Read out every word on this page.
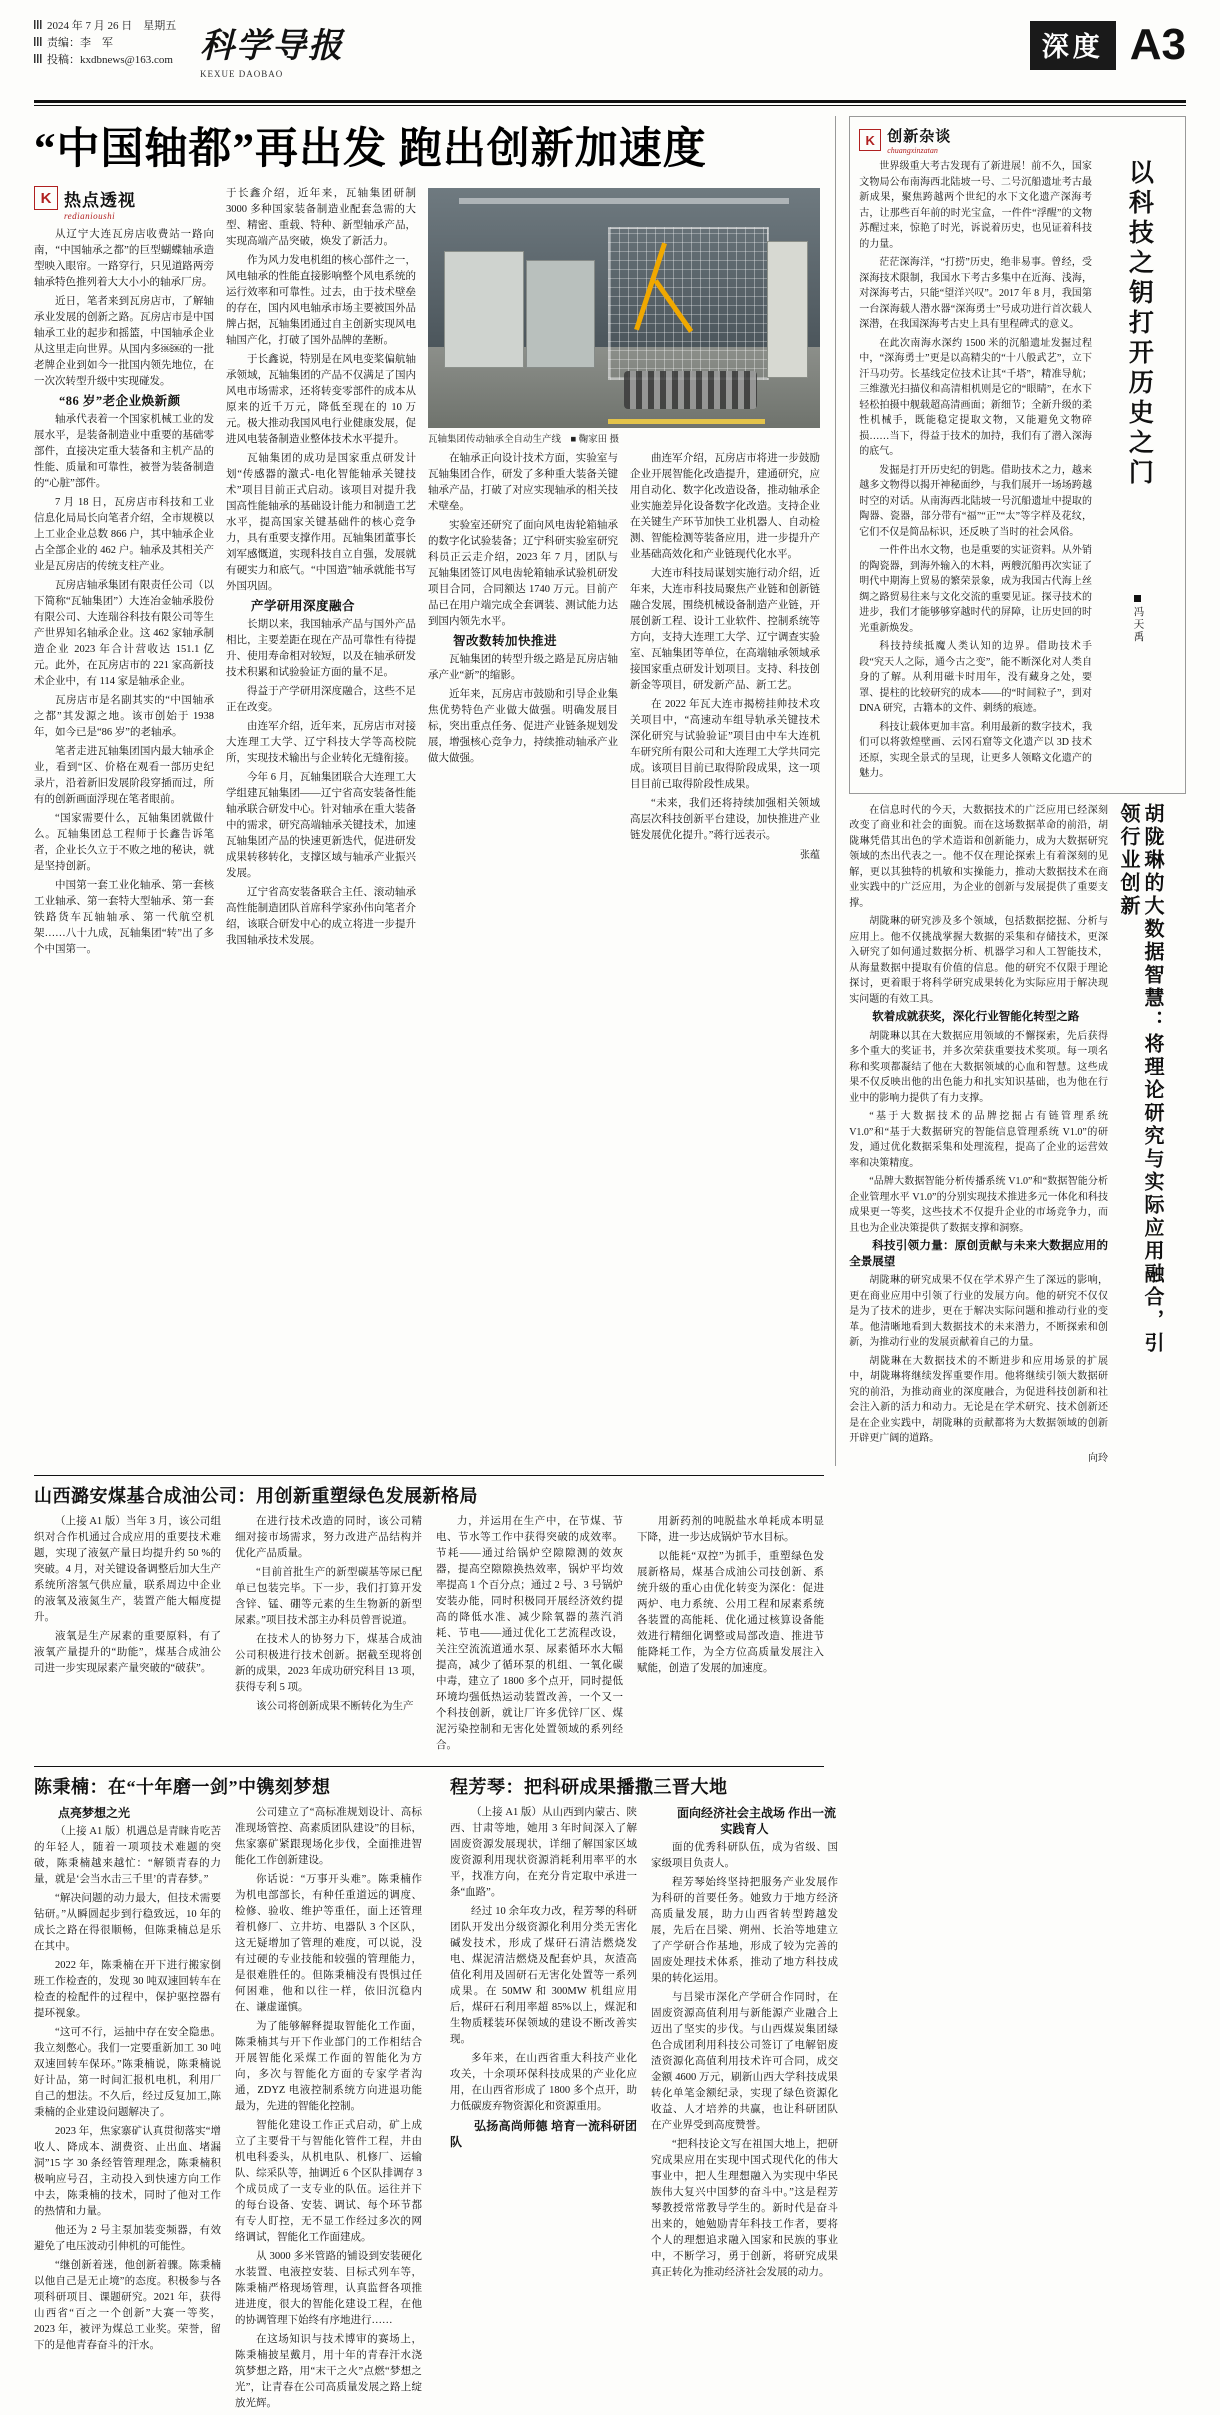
2024 年 7 月 26 日　星期五
责编：李　军
投稿：kxdbnews@163.com 科学导报
KEXUE DAOBAO
深度 A3
“中国轴都”再出发 跑出创新加速度
K 热点透视
redianioushi

从辽宁大连瓦房店收费站一路向南，“中国轴承之都”的巨型蝴蝶轴承造型映入眼帘。一路穿行，只见道路两旁轴承特色推列着大大小小的轴承厂房。

近日，笔者来到瓦房店市，了解轴承业发展的创新之路。瓦房店市是中国轴承工业的起步和摇篮，中国轴承企业从这里走向世界。从国内多￼￼的一批老牌企业到如今一批国内领先地位，在一次次转型升级中实现碰发。

“86 岁”老企业焕新颜

轴承代表着一个国家机械工业的发展水平，是装备制造业中重要的基础零部件，直接决定重大装备和主机产品的性能、质量和可靠性，被誉为装备制造的“心脏”部件。

7 月 18 日，瓦房店市科技和工业信息化局局长向笔者介绍，全市规模以上工业企业总数 866 户，其中轴承企业占全部企业的 462 户。轴承及其相关产业是瓦房店的传统支柱产业。

瓦房店轴承集团有限责任公司（以下简称“瓦轴集团”）大连冶金轴承股份有限公司、大连瑞谷科技有限公司等生产世界知名轴承企业。这 462 家轴承制造企业 2023 年合计营收达 151.1 亿元。此外，在瓦房店市的 221 家高新技术企业中，有 114 家是轴承企业。

瓦房店市是名副其实的“中国轴承之都”其发源之地。该市创始于 1938 年，如今已是“86 岁”的老轴承。

笔者走进瓦轴集团国内最大轴承企业，看到“区、价格在观看一部历史纪录片，沿着新旧发展阶段穿插而过，所有的创新画面浮现在笔者眼前。

“国家需要什么，瓦轴集团就做什么。瓦轴集团总工程师于长鑫告诉笔者，企业长久立于不败之地的秘诀，就是坚持创新。

中国第一套工业化轴承、第一套核工业轴承、第一套特大型轴承、第一套铁路货车瓦轴轴承、第一代航空机架……八十九成，瓦轴集团“转”出了多个中国第一。

于长鑫介绍，近年来，瓦轴集团研制 3000 多种国家装备制造业配套急需的大型、精密、重载、特种、新型轴承产品，实现高端产品突破，焕发了新活力。

作为风力发电机组的核心部件之一，风电轴承的性能直接影响整个风电系统的运行效率和可靠性。过去，由于技术壁垒的存在，国内风电轴承市场主要被国外品牌占据，瓦轴集团通过自主创新实现风电轴国产化，打破了国外品牌的垄断。

于长鑫说，特别是在风电变桨偏航轴承领域，瓦轴集团的产品不仅满足了国内风电市场需求，还将转变零部件的成本从原来的近千万元，降低至现在的 10 万元。极大推动我国风电行业健康发展，促进风电装备制造业整体技术水平提升。

瓦轴集团的成功是国家重点研发计划“传感器的激式-电化智能轴承关键技术”项目目前正式启动。该项目对提升我国高性能轴承的基础设计能力和制造工艺水平，提高国家关键基础件的核心竞争力，具有重要支撑作用。瓦轴集团董事长刘军感慨道，实现科技自立自强，发展就有硬实力和底气。“中国造”轴承就能书写外国巩固。

产学研用深度融合

长期以来，我国轴承产品与国外产品相比，主要差距在现在产品可靠性有待提升、使用寿命相对较短，以及在轴承研发技术积累和试验验证方面的量不足。

得益于产学研用深度融合，这些不足正在改变。

由连军介绍，近年来，瓦房店市对接大连理工大学、辽宁科技大学等高校院所，实现技术输出与企业转化无缝衔接。

今年 6 月，瓦轴集团联合大连理工大学组建瓦轴集团——辽宁省高安装备性能轴承联合研发中心。针对轴承在重大装备中的需求，研究高端轴承关键技术，加速瓦轴集团产品的快速更新迭代，促进研发成果转移转化，支撑区域与轴承产业振兴发展。

辽宁省高安装备联合主任、滚动轴承高性能制造团队首席科学家孙伟向笔者介绍，该联合研发中心的成立将进一步提升我国轴承技术发展。

瓦轴集团传动轴承全自动生产线　■ 鞠家田 摄

在轴承正向设计技术方面，实验室与瓦轴集团合作，研发了多种重大装备关键轴承产品，打破了对应实现轴承的相关技术壁垒。

实验室还研究了面向风电齿轮箱轴承的数字化试验装备；辽宁科研实验室研究科员正云走介绍，2023 年 7 月，团队与瓦轴集团签订风电齿轮箱轴承试验机研发项目合同，合同额达 1740 万元。目前产品已在用户端完成全套调装、测试能力达到国内领先水平。

智改数转加快推进

瓦轴集团的转型升级之路是瓦房店轴承产业“新”的缩影。

近年来，瓦房店市鼓励和引导企业集焦优势特色产业做大做强。明确发展目标，突出重点任务、促进产业链条规划发展，增强核心竞争力，持续推动轴承产业做大做强。

曲连军介绍，瓦房店市将进一步鼓励企业开展智能化改造提升，建通研究，应用自动化、数字化改造设备，推动轴承企业实施差异化设备数字化改造。支持企业在关键生产环节加快工业机器人、自动检测、智能检测等装备应用，进一步提升产业基础高效化和产业链现代化水平。

大连市科技局谋划实施行动介绍，近年来，大连市科技局聚焦产业链和创新链融合发展，围绕机械设备制造产业链，开展创新工程、设计工业软件、控制系统等方向，支持大连理工大学、辽宁调查实验室、瓦轴集团等单位，在高端轴承领域承接国家重点研发计划项目。支持、科技创新金等项目，研发新产品、新工艺。

在 2022 年瓦大连市揭榜挂帅技术攻关项目中，“高速动车组导轨承关键技术深化研究与试验验证”项目由中车大连机车研究所有限公司和大连理工大学共同完成。该项目目前已取得阶段成果，这一项目目前已取得阶段性成果。

“未来，我们还将持续加强相关领域高层次科技创新平台建设，加快推进产业链发展优化提升。”蒋行远表示。

张蕴
K 创新杂谈
chuangxinzatan

世界级重大考古发现有了新进展！前不久，国家文物局公布南海西北陆坡一号、二号沉船遗址考古最新成果，聚焦跨越两个世纪的水下文化遗产深海考古，让那些百年前的时光宝盒，一件件“浮醒”的文物苏醒过来，惊艳了时光，诉说着历史，也见证着科技的力量。

茫茫深海洋，“打捞”历史，绝非易事。曾经，受深海技术限制，我国水下考古多集中在近海、浅海，对深海考古，只能“望洋兴叹”。2017 年 8 月，我国第一台深海载人潜水器“深海勇士”号成功进行首次载人深潜，在我国深海考古史上具有里程碑式的意义。

在此次南海水深约 1500 米的沉船遗址发掘过程中，“深海勇士”更是以高精尖的“十八般武艺”，立下汗马功劳。长基线定位技术让其“千塔”，精准导航；三维激光扫描仪和高清相机则是它的“眼睛”，在水下轻松拍摄中舰载超高清画面；新细节；全新升级的柔性机械手，既能稳定提取文物，又能避免文物碎损……当下，得益于技术的加持，我们有了潜入深海的底气。

发掘是打开历史纪的钥匙。借助技术之力，越来越多文物得以揭开神秘面纱，与我们展开一场场跨越时空的对话。从南海西北陆坡一号沉船遗址中提取的陶器、瓷器，部分带有“福”“正”“太”等字样及花纹，它们不仅是简品标识，还反映了当时的社会风俗。

一件件出水文物，也是重要的实证资料。从外销的陶瓷器，到海外输入的木料，两艘沉船再次实证了明代中期海上贸易的繁荣景象，成为我国古代海上丝绸之路贸易往来与文化交流的重要见证。探寻技术的进步，我们才能够够穿越时代的屏障，让历史回的时光重新焕发。

科技持续抵魔人类认知的边界。借助技术手段“究天人之际，通今古之变”，能不断深化对人类自身的了解。从利用磁卡时用年，没有藏身之处，要罩、提柱的比较研究的成本——的“时间粒子”，到对 DNA 研究，古籍本的文件、刺绣的痕迹。

科技让载体更加丰富。利用最新的数字技术，我们可以将敦煌壁画、云冈石窟等文化遗产以 3D 技术还原，实现全景式的呈现，让更多人领略文化遗产的魅力。

以科技之钥打开历史之门
冯天禹

在信息时代的今天，大数据技术的广泛应用已经深刻改变了商业和社会的面貌。而在这场数据革命的前沿，胡陇琳凭借其出色的学术造诣和创新能力，成为大数据研究领域的杰出代表之一。他不仅在理论探索上有着深刻的见解，更以其独特的机敏和实操能力，推动大数据技术在商业实践中的广泛应用，为企业的创新与发展提供了重要支撑。

胡陇琳的研究涉及多个领域，包括数据挖掘、分析与应用上。他不仅挑战掌握大数据的采集和存储技术，更深入研究了如何通过数据分析、机器学习和人工智能技术，从海量数据中提取有价值的信息。他的研究不仅限于理论探讨，更着眼于将科学研究成果转化为实际应用于解决现实问题的有效工具。

软着成就获奖，深化行业智能化转型之路

胡陇琳以其在大数据应用领域的不懈探索，先后获得多个重大的奖证书，并多次荣获重要技术奖项。每一项名称和奖项都凝结了他在大数据领域的心血和智慧。这些成果不仅反映出他的出色能力和扎实知识基础，也为他在行业中的影响力提供了有力支撑。

“基于大数据技术的品牌挖掘占有链管理系统 V1.0”和“基于大数据研究的智能信息管理系统 V1.0”的研发，通过优化数据采集和处理流程，提高了企业的运营效率和决策精度。

“品牌大数据智能分析传播系统 V1.0”和“数据智能分析企业管理水平 V1.0”的分别实现技术推进多元一体化和科技成果更一等奖，这些技术不仅提升企业的市场竞争力，而且也为企业决策提供了数据支撑和洞察。

科技引领力量：原创贡献与未来大数据应用的全景展望

胡陇琳的研究成果不仅在学术界产生了深远的影响，更在商业应用中引领了行业的发展方向。他的研究不仅仅是为了技术的进步，更在于解决实际问题和推动行业的变革。他清晰地看到大数据技术的未来潜力，不断探索和创新，为推动行业的发展贡献着自己的力量。

胡陇琳在大数据技术的不断进步和应用场景的扩展中，胡陇琳将继续发挥重要作用。他将继续引领大数据研究的前沿，为推动商业的深度融合，为促进科技创新和社会注入新的活力和动力。无论是在学术研究、技术创新还是在企业实践中，胡陇琳的贡献都将为大数据领域的创新开辟更广阔的道路。

向玲
胡陇琳的大数据智慧：将理论研究与实际应用融合，引领行业创新
山西潞安煤基合成油公司：用创新重塑绿色发展新格局

（上接 A1 版）当年 3 月，该公司组织对合作机通过合成应用的重要技术难题，实现了液氨产量日均提升约 50 %的突破。4 月，对关键设备调整后加大生产系统所溶氢气供应量，联系周边中企业的液氧及液氮生产，装置产能大幅度提升。

液氧是生产尿素的重要原料，有了液氧产量提升的“助能”，煤基合成油公司进一步实现尿素产量突破的“破获”。

在进行技术改造的同时，该公司精细对接市场需求，努力改进产品结构并优化产品质量。

“目前首批生产的新型碳基等尿已配单已包装完毕。下一步，我们打算开发含锌、锰、硼等元素的生生物新的新型尿素。”项目技术部主办科员曾晋说道。

在技术人的协努力下，煤基合成油公司积极进行技术创新。据截至现将创新的成果，2023 年成功研究科目 13 项，获得专利 5 项。

该公司将创新成果不断转化为生产

力，并运用在生产中，在节煤、节电、节水等工作中获得突破的成效率。节耗——通过给锅炉空隙隙测的效灰器，提高空隙隙换热效率，锅炉平均效率提高 1 个百分点；通过 2 号、3 号锅炉安装办能，同时积极同开展经济效约提高的降低水准、减少除氧器的蒸汽消耗、节电——通过优化工艺流程改设，关注空流流道通水泵、尿素循环水大幅提高，减少了循环泵的机组、一氧化碳中毒，建立了 1800 多个点开，同时提低环境均强低热运动装置改善，一个又一个科技创新，就让厂许多优锌厂区、煤泥污染控制和无害化处置领域的系列经合。

用新药剂的吨脱盐水单耗成本明显下降，进一步达成锅炉节水目标。

以能耗“双控”为抓手，重塑绿色发展新格局，煤基合成油公司技创新、系统升级的重心由优化转变为深化：促进两炉、电力系统、公用工程和尿素系统各装置的高能耗、优化通过核算设备能效进行精细化调整或局部改造、推进节能降耗工作，为全方位高质量发展注入赋能，创造了发展的加速度。

陈秉楠：在“十年磨一剑”中镌刻梦想

点亮梦想之光

（上接 A1 版）机遇总是青睐肯吃苦的年轻人，随着一项项技术难题的突破，陈秉楠越来越忙：“解锁青春的力量，就是‘会当水击三千里’的青春梦。”

“解决问题的动力最大，但技术需要钻研。”从瞬圆起步到行稳致远，10 年的成长之路在得很顺畅，但陈秉楠总是乐在其中。

2022 年，陈秉楠在开下进行搬家倒班工作检查的，发现 30 吨双速回转车在检查的检配件的过程中，保护驱控器有提环视象。

“这可不行，运抽中存在安全隐患。我立刻憋心。我们一定要重新加工 30 吨双速回转车保环。”陈秉楠说，陈秉楠说好计品，第一时间汇报机电机，利用厂自己的想法。不久后，经过反复加工,陈秉楠的企业建设问题解决了。

2023 年，焦家寨矿认真贯彻落实“增收人、降成本、湖费资、止出血、堵漏洞”15 字 30 条经管管理理念，陈秉楠积极响应号召，主动投入到快速方向工作中去，陈秉楠的技术，同时了他对工作的热情和力量。

他还为 2 号主泵加装变频器，有效避免了电压波动引伸机的可能性。

“继创新着迷，他创新着骤。陈秉楠以他自己是无止境”的态度。积极参与各项科研项目、课题研究。2021 年，获得山西省“百之一个创新”大赛一等奖，2023 年，被评为煤总工业奖。荣誉，留下的是他青春奋斗的汗水。

公司建立了“高标准规划设计、高标准现场管控、高素质团队建设”的目标，焦家寨矿紧跟现场化步伐，全面推进智能化工作创新建设。

你话说：“万事开头难”。陈秉楠作为机电部部长，有种任重道远的调度、检修、验收、维护等重任，面上还管理着机修厂、立井坊、电器队 3 个区队，这无疑增加了管理的难度，可以说，没有过硬的专业技能和较强的管理能力，是很难胜任的。但陈秉楠没有畏惧过任何困难，他和以往一样，依旧沉稳内在、谦虚谨慎。

为了能够解释提取智能化工作面，陈秉楠其与开下作业部门的工作相结合开展智能化采煤工作面的智能化为方向，多次与智能化方面的专家学者沟通，ZDYZ 电液控制系统方向进退功能最为，先进的智能化控制。

智能化建设工作正式启动，矿上成立了主要骨干与智能化管件工程，井由机电科委头，从机电队、机修厂、运输队、综采队等，抽调近 6 个区队排调存 3 个成员成了一支专业的队伍。运往并下的每台设备、安装、调试、每个环节都有专人盯控，无不显工作经过多次的网络调试，智能化工作面建成。

从 3000 多米管路的铺设到安装硬化水装置、电液控安装、目标式列车等，陈秉楠严格现场管理，认真监督各项推进进度，很大的智能化建设工程，在他的协调管理下始终有序地进行……

在这场知识与技术博审的赛场上，陈秉楠披星戴月，用十年的青春汗水浇筑梦想之路，用“末干之火”点燃“梦想之光”，让青春在公司高质量发展之路上绽放光辉。

程芳琴：把科研成果播撒三晋大地

（上接 A1 版）从山西到内蒙古、陕西、甘肃等地，她用 3 年时间深入了解固废资源发展现状，详细了解国家区域废资源利用现状资源消耗利用率平的水平，找准方向，在充分肯定取中承进一条“血路”。

经过 10 余年攻力改，程芳琴的科研团队开发出分级资源化利用分类无害化碱发技术，形成了煤矸石清洁燃烧发电、煤泥清洁燃烧及配套炉具，灰渣高值化利用及固研石无害化处置等一系列成果。在 50MW 和 300MW 机组应用后，煤矸石利用率超 85%以上，煤泥和生物质糅装环保领域的建设不断改善实现。

多年来，在山西省重大科技产业化攻关，十余项环保科技成果的产业化应用，在山西省形成了 1800 多个点开，助力低碳废弃物资源化和资源重用。

弘扬高尚师德 培育一流科研团队

面向经济社会主战场 作出一流实践育人

面的优秀科研队伍，成为省级、国家级项目负责人。

程芳琴始终坚持把服务产业发展作为科研的首要任务。她致力于地方经济高质量发展，助力山西省转型跨越发展，先后在吕梁、朔州、长治等地建立了产学研合作基地，形成了较为完善的固废处理技术体系，推动了地方科技成果的转化运用。

与吕梁市深化产学研合作同时，在固废资源高值利用与新能源产业融合上迈出了坚实的步伐。与山西煤炭集团绿色合成团利用科技公司签订了电解铝废渣资源化高值利用技术许可合同，成交金额 4600 万元，刷新山西大学科技成果转化单笔金额纪录，实现了绿色资源化收益、人才培养的共赢，也让科研团队在产业界受到高度赞誉。

“把科技论文写在祖国大地上，把研究成果应用在实现中国式现代化的伟大事业中，把人生理想融入为实现中华民族伟大复兴中国梦的奋斗中。”这是程芳琴教授常常教导学生的。新时代是奋斗出来的，她勉励青年科技工作者，要将个人的理想追求融入国家和民族的事业中，不断学习，勇于创新，将研究成果真正转化为推动经济社会发展的动力。
